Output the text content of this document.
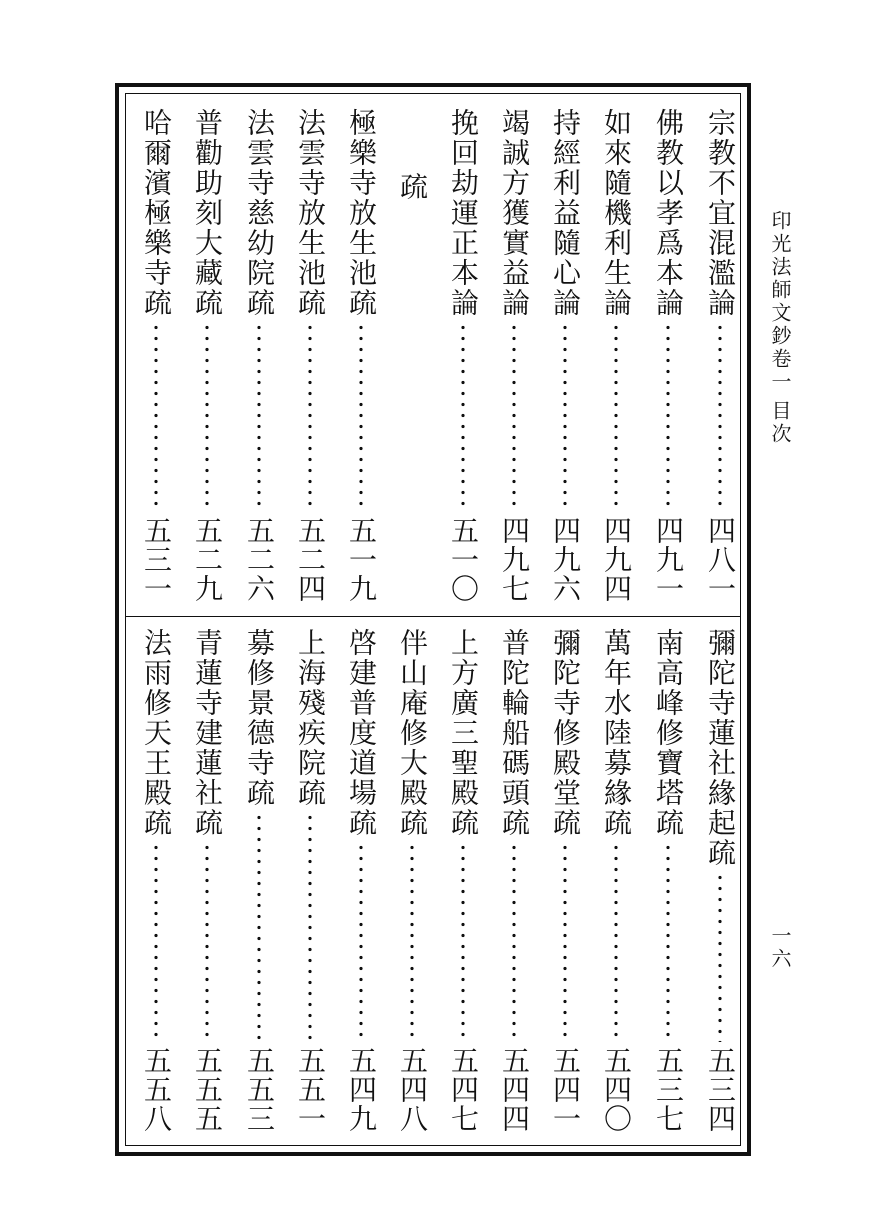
印光法師文鈔卷一
目次
一六
宗教不宜混濫論
四八一
佛教以孝爲本論
四九一
如來隨機利生論
四九四
持經利益隨心論
四九六
竭誠方獲實益論
四九七
挽回劫運正本論
五一〇
疏
極樂寺放生池疏
五一九
法雲寺放生池疏
五二四
法雲寺慈幼院疏
五二六
普勸助刻大藏疏
五二九
哈爾濱極樂寺疏
五三一
彌陀寺蓮社緣起疏
五三四
南高峰修寶塔疏
五三七
萬年水陸募緣疏
五四〇
彌陀寺修殿堂疏
五四一
普陀輪船碼頭疏
五四四
上方廣三聖殿疏
五四七
伴山庵修大殿疏
五四八
啓建普度道場疏
五四九
上海殘疾院疏
五五一
募修景德寺疏
五五三
青蓮寺建蓮社疏
五五五
法雨修天王殿疏
五五八
